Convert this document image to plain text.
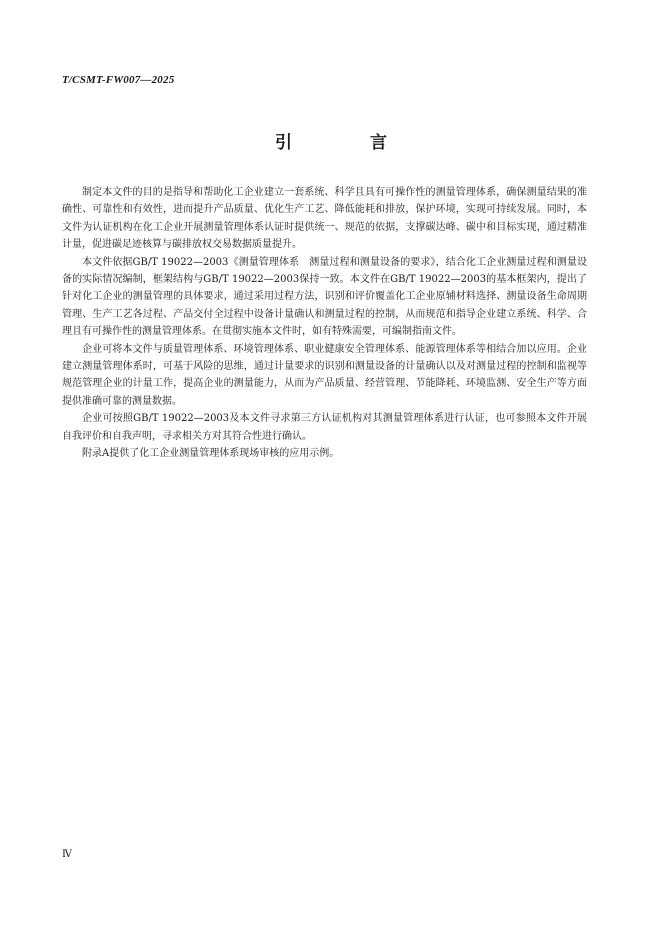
T/CSMT-FW007—2025
引 言

制定本文件的目的是指导和帮助化工企业建立一套系统、科学且具有可操作性的测量管理体系，确保测量结果的准确性、可靠性和有效性，进而提升产品质量、优化生产工艺、降低能耗和排放，保护环境，实现可持续发展。同时，本文件为认证机构在化工企业开展测量管理体系认证时提供统一、规范的依据，支撑碳达峰、碳中和目标实现，通过精准计量，促进碳足迹核算与碳排放权交易数据质量提升。

本文件依据GB/T 19022—2003《测量管理体系　测量过程和测量设备的要求》，结合化工企业测量过程和测量设备的实际情况编制，框架结构与GB/T 19022—2003保持一致。本文件在GB/T 19022—2003的基本框架内，提出了针对化工企业的测量管理的具体要求，通过采用过程方法，识别和评价覆盖化工企业原辅材料选择、测量设备生命周期管理、生产工艺各过程、产品交付全过程中设备计量确认和测量过程的控制，从而规范和指导企业建立系统、科学、合理且有可操作性的测量管理体系。在贯彻实施本文件时，如有特殊需要，可编制指南文件。

企业可将本文件与质量管理体系、环境管理体系、职业健康安全管理体系、能源管理体系等相结合加以应用。企业建立测量管理体系时，可基于风险的思维，通过计量要求的识别和测量设备的计量确认以及对测量过程的控制和监视等规范管理企业的计量工作，提高企业的测量能力，从而为产品质量、经营管理、节能降耗、环境监测、安全生产等方面提供准确可靠的测量数据。

企业可按照GB/T 19022—2003及本文件寻求第三方认证机构对其测量管理体系进行认证，也可参照本文件开展自我评价和自我声明，寻求相关方对其符合性进行确认。

附录A提供了化工企业测量管理体系现场审核的应用示例。

Ⅳ
